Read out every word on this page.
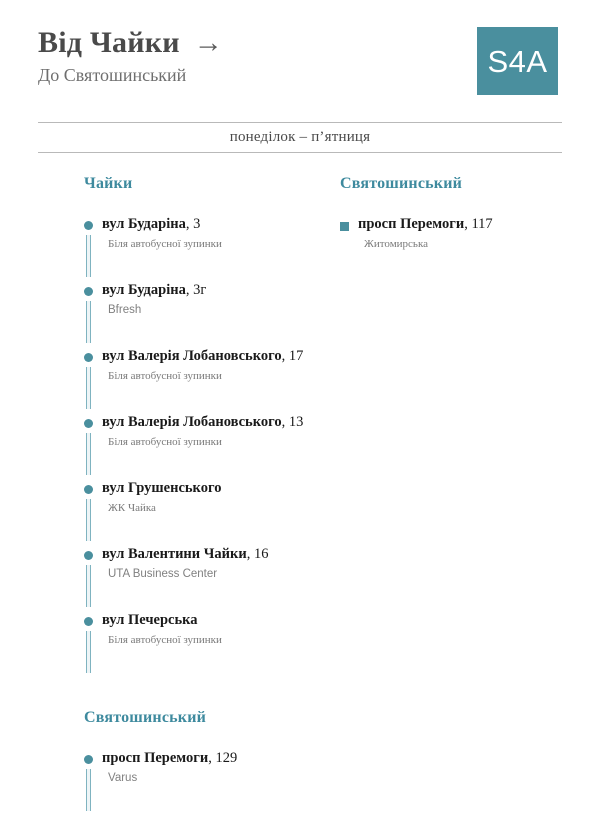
Від Чайки →
До Святошинський	S4A
понеділок – п’ятниця
Чайки
вул Бударіна, 3
Біля автобусної зупинки
вул Бударіна, 3г
Bfresh
вул Валерія Лобановського, 17
Біля автобусної зупинки
вул Валерія Лобановського, 13
Біля автобусної зупинки
вул Грушенського
ЖК Чайка
вул Валентини Чайки, 16
UTA Business Center
вул Печерська
Біля автобусної зупинки
Святошинський
просп Перемоги, 129
Varus
Святошинський
просп Перемоги, 117
Житомирська
